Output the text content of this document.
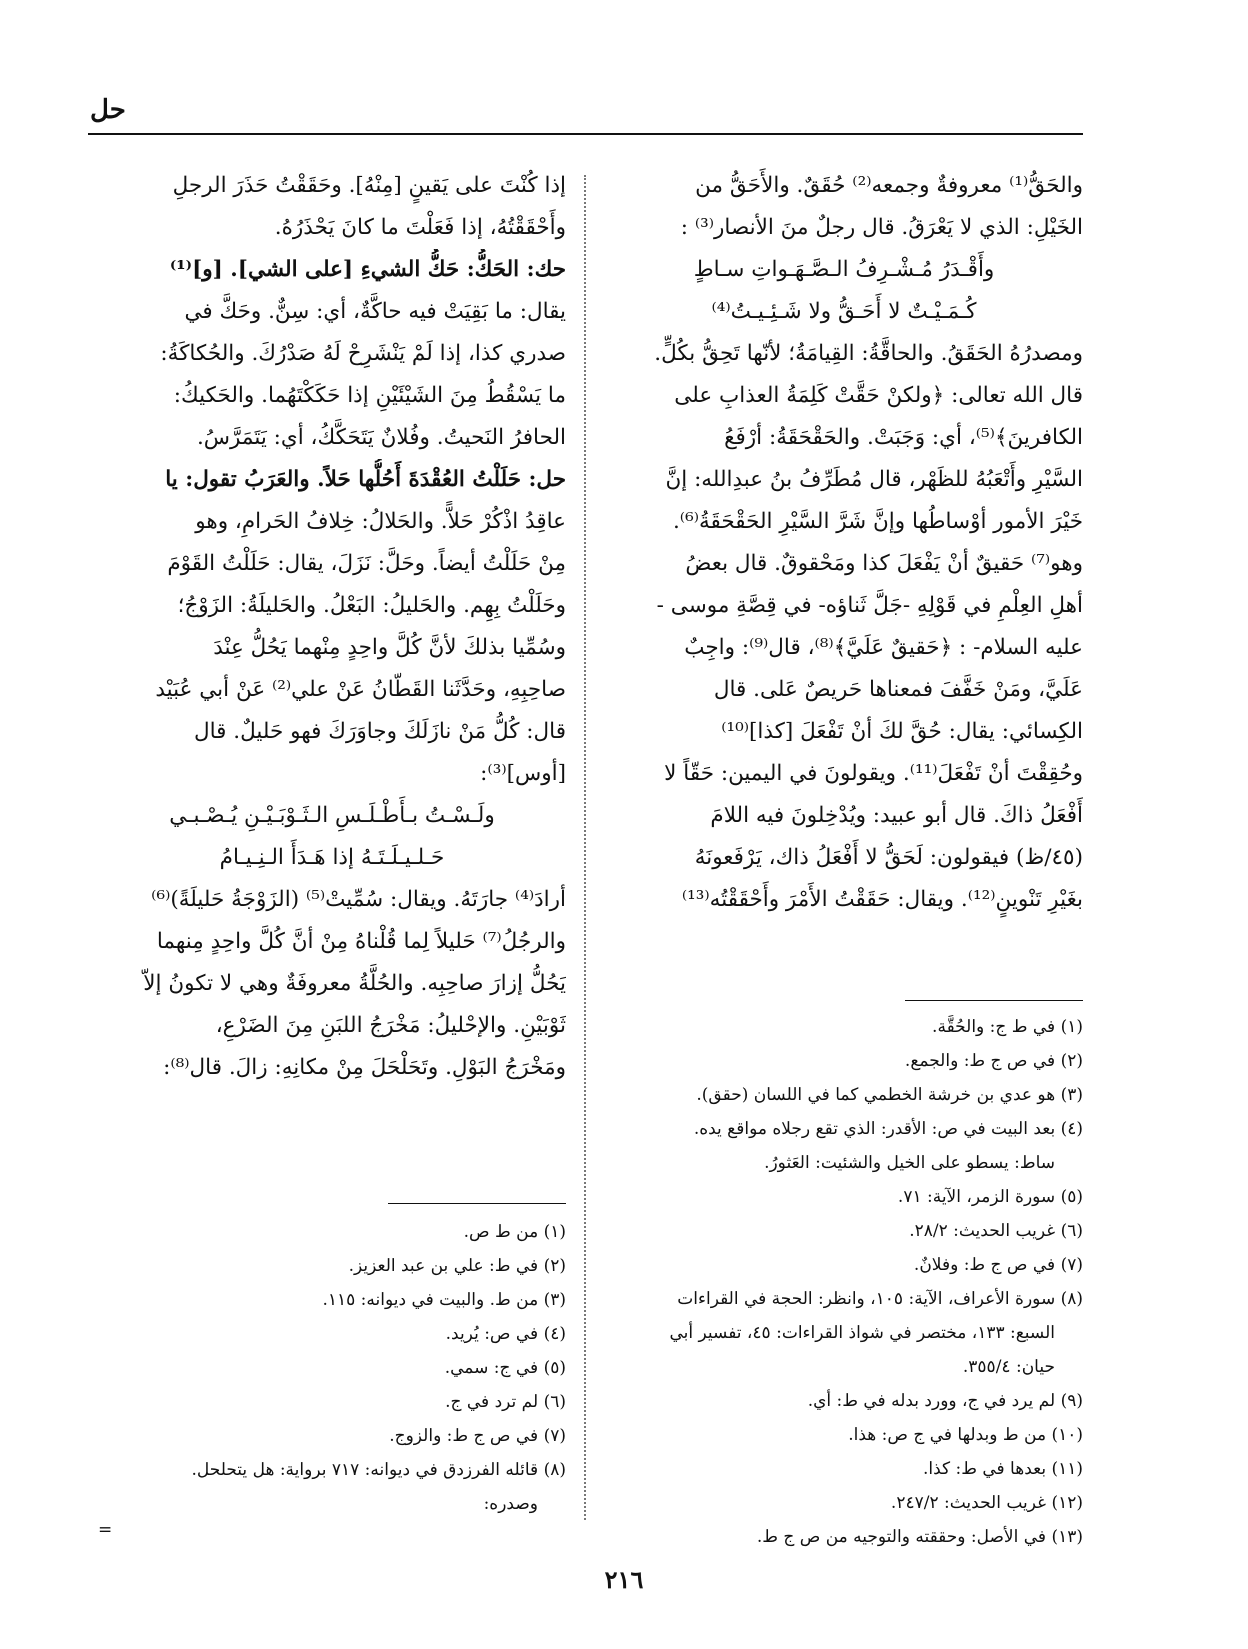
حل
والحَقُّ⁽¹⁾ معروفةٌ وجمعه⁽²⁾ حُقَقٌ. والأَحَقُّ من
الخَيْلِ: الذي لا يَعْرَقُ. قال رجلٌ منَ الأنصار⁽³⁾ :
وأَقْـدَرُ مُـشْـرِفُ الـصَّـهَـواتِ سـاطٍ
كُـمَـيْـتٌ لا أَحَـقُّ ولا شَـئِـيـتُ⁽⁴⁾
ومصدرُهُ الحَقَقُ. والحاقَّةُ: القِيامَةُ؛ لأنّها تَحِقُّ بكُلٍّ.
قال الله تعالى: ﴿ولكنْ حَقَّتْ كَلِمَةُ العذابِ على
الكافرينَ﴾⁽⁵⁾، أي: وَجَبَتْ. والحَقْحَقَةُ: أرْفَعُ
السَّيْرِ وأَتْعَبُهُ للظَهْر، قال مُطَرِّفُ بنُ عبدِالله: إنَّ
خَيْرَ الأمور أوْساطُها وإنَّ شَرَّ السَّيْرِ الحَقْحَقَةُ⁽⁶⁾.
وهو⁽⁷⁾ حَقيقٌ أنْ يَفْعَلَ كذا ومَحْقوقٌ. قال بعضُ
أهلِ العِلْمِ في قَوْلِهِ -جَلَّ ثَناؤه- في قِصَّةِ موسى -
عليه السلام- : ﴿حَقيقٌ عَلَيَّ﴾⁽⁸⁾، قال⁽⁹⁾: واجِبٌ
عَلَيَّ، ومَنْ خَفَّفَ فمعناها حَريصٌ عَلى. قال
الكِسائي: يقال: حُقَّ لكَ أنْ تَفْعَلَ [كذا]⁽¹⁰⁾
وحُقِقْتَ أنْ تَفْعَلَ⁽¹¹⁾. ويقولونَ في اليمين: حَقّاً لا
أَفْعَلُ ذاكَ. قال أبو عبيد: ويُدْخِلونَ فيه اللامَ
(٤٥/ظ) فيقولون: لَحَقُّ لا أَفْعَلُ ذاك، يَرْفَعونَهُ
بغَيْرِ تَنْوينٍ⁽¹²⁾. ويقال: حَقَقْتُ الأَمْرَ وأَحْقَقْتُه⁽¹³⁾
إذا كُنْتَ على يَقينٍ [مِنْهُ]. وحَقَقْتُ حَذَرَ الرجلِ
وأَحْقَقْتُهُ، إذا فَعَلْتَ ما كانَ يَحْذَرُهُ.
حك: الحَكُّ: حَكُّ الشيءِ [على الشي]. [و]⁽¹⁾
يقال: ما بَقِيَتْ فيه حاكَّةٌ، أي: سِنٌّ. وحَكَّ في
صدري كذا، إذا لَمْ يَنْشَرِحْ لَهُ صَدْرُكَ. والحُكاكَةُ:
ما يَسْقُطُ مِنَ الشَيْئَيْنِ إذا حَكَكْتَهُما. والحَكيكُ:
الحافرُ النَحيتُ. وفُلانٌ يَتَحَكَّكُ، أي: يَتَمَرَّسُ.
حل: حَلَلْتُ العُقْدَةَ أَحُلُّها حَلاً. والعَرَبُ تقول: يا
عاقِدُ اذْكُرْ حَلاًّ. والحَلالُ: خِلافُ الحَرامِ، وهو
مِنْ حَلَلْتُ أيضاً. وحَلَّ: نَزَلَ، يقال: حَلَلْتُ القَوْمَ
وحَلَلْتُ بِهِم. والحَليلُ: البَعْلُ. والحَليلَةُ: الزَوْجُ؛
وسُمِّيا بذلكَ لأنَّ كُلَّ واحِدٍ مِنْهما يَحُلُّ عِنْدَ
صاحِبِهِ، وحَدَّثَنا القَطّانُ عَنْ علي⁽²⁾ عَنْ أبي عُبَيْد
قال: كُلُّ مَنْ نازَلَكَ وجاوَرَكَ فهو حَليلٌ. قال
[أوس]⁽³⁾:
ولَـسْـتُ بـأَطْـلَـسِ الـثَـوْبَـيْـنِ يُـصْـبـي
حَـلـيـلَـتَـهُ إذا هَـدَأَ الـنِـيـامُ
أرادَ⁽⁴⁾ جارَتَهُ. ويقال: سُمِّيتْ⁽⁵⁾ (الزَوْجَةُ حَليلَةً)⁽⁶⁾
والرجُلُ⁽⁷⁾ حَليلاً لِما قُلْناهُ مِنْ أنَّ كُلَّ واحِدٍ مِنهما
يَحُلُّ إزارَ صاحِبِه. والحُلَّةُ معروفَةٌ وهي لا تكونُ إلاّ
ثَوْبَيْنِ. والإحْليلُ: مَخْرَجُ اللبَنِ مِنَ الضَرْعِ،
ومَخْرَجُ البَوْلِ. وتَحَلْحَلَ مِنْ مكانِهِ: زالَ. قال⁽⁸⁾:
(١) في ط ج: والحُقَّة.
(٢) في ص ج ط: والجمع.
(٣) هو عدي بن خرشة الخطمي كما في اللسان (حقق).
(٤) بعد البيت في ص: الأقدر: الذي تقع رجلاه مواقع يده.
ساط: يسطو على الخيل والشئيت: العَثورُ.
(٥) سورة الزمر، الآية: ٧١.
(٦) غريب الحديث: ٢٨/٢.
(٧) في ص ج ط: وفلانٌ.
(٨) سورة الأعراف، الآية: ١٠٥، وانظر: الحجة في القراءات
السبع: ١٣٣، مختصر في شواذ القراءات: ٤٥، تفسير أبي
حيان: ٣٥٥/٤.
(٩) لم يرد في ج، وورد بدله في ط: أي.
(١٠) من ط وبدلها في ج ص: هذا.
(١١) بعدها في ط: كذا.
(١٢) غريب الحديث: ٢٤٧/٢.
(١٣) في الأصل: وحققته والتوجيه من ص ج ط.
(١) من ط ص.
(٢) في ط: علي بن عبد العزيز.
(٣) من ط. والبيت في ديوانه: ١١٥.
(٤) في ص: يُريد.
(٥) في ج: سمي.
(٦) لم ترد في ج.
(٧) في ص ج ط: والزوج.
(٨) قائله الفرزدق في ديوانه: ٧١٧ برواية: هل يتحلحل.
وصدره:
=
٢١٦
